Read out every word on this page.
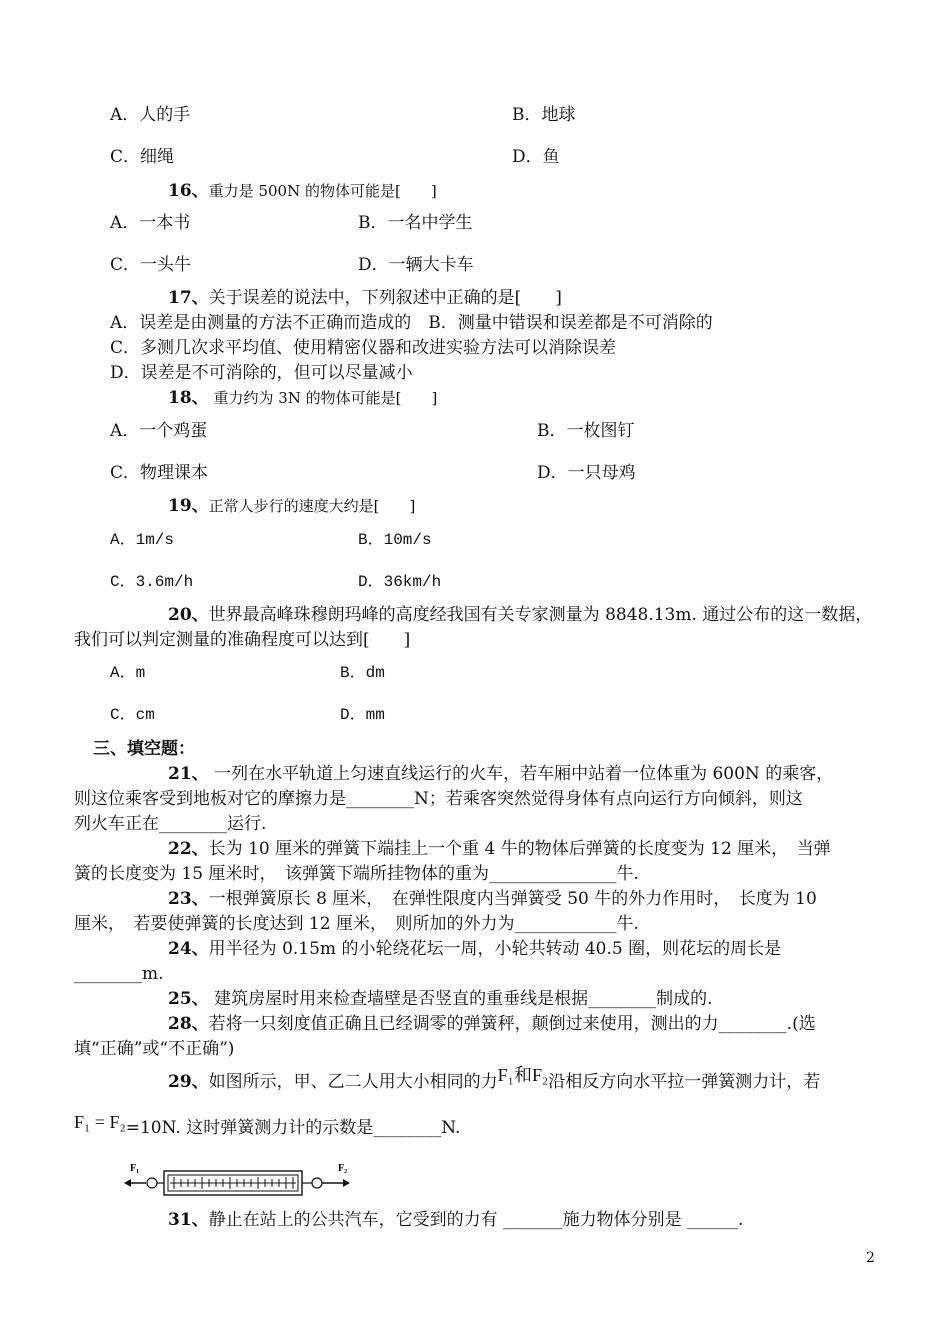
A．人的手	B．地球
C．细绳	D．鱼
16、重力是 500N 的物体可能是[　　]
A．一本书	B．一名中学生
C．一头牛	D．一辆大卡车
17、关于误差的说法中，下列叙述中正确的是[　　]
A．误差是由测量的方法不正确而造成的　B．测量中错误和误差都是不可消除的
C．多测几次求平均值、使用精密仪器和改进实验方法可以消除误差
D．误差是不可消除的，但可以尽量减小
18、 重力约为 3N 的物体可能是[　　]
A．一个鸡蛋	B．一枚图钉
C．物理课本	D．一只母鸡
19、正常人步行的速度大约是[　　]
A．1m/s	B．10m/s
C．3.6m/h	D．36km/h
20、世界最高峰珠穆朗玛峰的高度经我国有关专家测量为 8848.13m. 通过公布的这一数据，
我们可以判定测量的准确程度可以达到[　　]
A．m	B．dm
C．cm	D．mm
三、填空题：
21、 一列在水平轨道上匀速直线运行的火车，若车厢中站着一位体重为 600N 的乘客，
则这位乘客受到地板对它的摩擦力是________N；若乘客突然觉得身体有点向运行方向倾斜，则这
列火车正在________运行.
22、长为 10 厘米的弹簧下端挂上一个重 4 牛的物体后弹簧的长度变为 12 厘米，　当弹
簧的长度变为 15 厘米时，　该弹簧下端所挂物体的重为_______________牛.
23、一根弹簧原长 8 厘米，　在弹性限度内当弹簧受 50 牛的外力作用时，　长度为 10
厘米，　若要使弹簧的长度达到 12 厘米，　则所加的外力为____________牛.
24、用半径为 0.15m 的小轮绕花坛一周，小轮共转动 40.5 圈，则花坛的周长是
________m.
25、 建筑房屋时用来检查墙壁是否竖直的重垂线是根据________制成的.
28、若将一只刻度值正确且已经调零的弹簧秤，颠倒过来使用，测出的力________.(选
填“正确”或“不正确”)
29、如图所示，甲、乙二人用大小相同的力F₁和F₂沿相反方向水平拉一弹簧测力计，若
F₁ = F₂=10N. 这时弹簧测力计的示数是________N.
F₁	F₂
31、静止在站上的公共汽车，它受到的力有 _______施力物体分别是 ______.
2
